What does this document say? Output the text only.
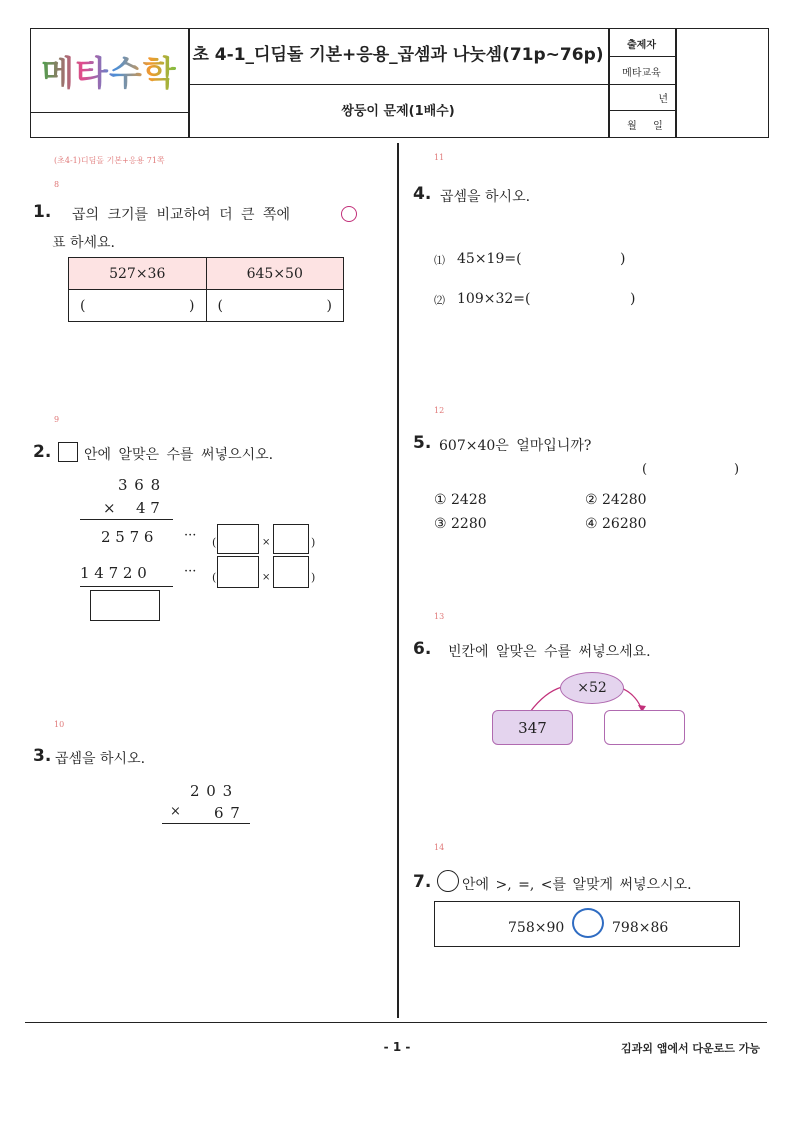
메타수학 초 4-1_디딤돌 기본+응용_곱셈과 나눗셈(71p~76p)
쌍둥이 문제(1배수)
출제자
메타교육
년
월	일
(초4-1)디딤돌 기본+응용 71쪽
8
1. 곱의 크기를 비교하여 더 큰 쪽에
표 하세요.
527×36	645×50

( )	( )
9
2. 안에 알맞은 수를 써넣으시오.
3 6 8
× 4 7
2 5 7 6 ··· (	×	)
1 4 7 2 0	··· (	×	)
10
3. 곱셈을 하시오.
2 0 3
× 6 7
11
4. 곱셈을 하시오.
⑴ 45×19=(	)
⑵ 109×32=(	)
12
5. 607×40은 얼마입니까?
(	)
① 2428	② 24280
③ 2280	④ 26280
13
6. 빈칸에 알맞은 수를 써넣으세요.
×52
347
14
7. 안에 >, =, <를 알맞게 써넣으시오.
758×90	798×86
- 1 -	김과외 앱에서 다운로드 가능
